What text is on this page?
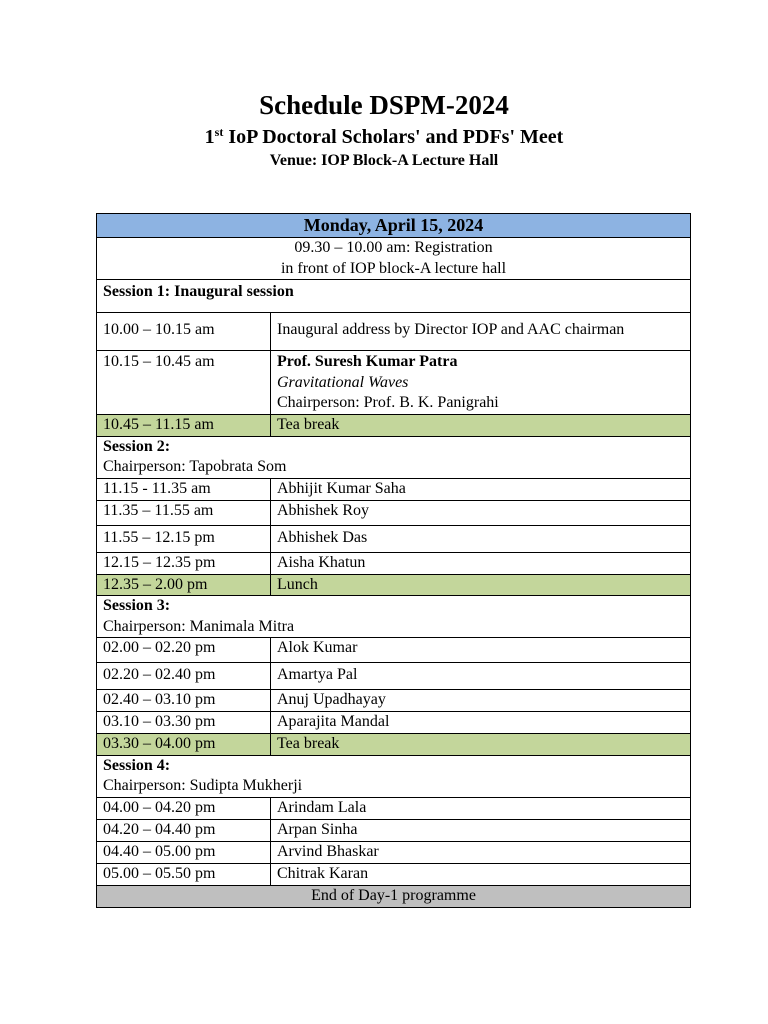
Schedule DSPM-2024
1st IoP Doctoral Scholars' and PDFs' Meet
Venue: IOP Block-A Lecture Hall
Monday, April 15, 2024	

09.30 – 10.00 am: Registration
in front of IOP block-A lecture hall	

Session 1: Inaugural session	
10.00 – 10.15 am	Inaugural address by Director IOP and AAC chairman
10.15 – 10.45 am	Prof. Suresh Kumar Patra
Gravitational Waves
Chairperson: Prof. B. K. Panigrahi

10.45 – 11.15 am	Tea break

Session 2:
Chairperson: Tapobrata Som	

11.15 - 11.35 am	Abhijit Kumar Saha
11.35 – 11.55 am	Abhishek Roy
11.55 – 12.15 pm	Abhishek Das
12.15 – 12.35 pm	Aisha Khatun
12.35 – 2.00 pm	Lunch

Session 3:
Chairperson: Manimala Mitra	

02.00 – 02.20 pm	Alok Kumar
02.20 – 02.40 pm	Amartya Pal
02.40 – 03.10 pm	Anuj Upadhayay
03.10 – 03.30 pm	Aparajita Mandal
03.30 – 04.00 pm	Tea break

Session 4:
Chairperson: Sudipta Mukherji	

04.00 – 04.20 pm	Arindam Lala
04.20 – 04.40 pm	Arpan Sinha
04.40 – 05.00 pm	Arvind Bhaskar
05.00 – 05.50 pm	Chitrak Karan
End of Day-1 programme	
